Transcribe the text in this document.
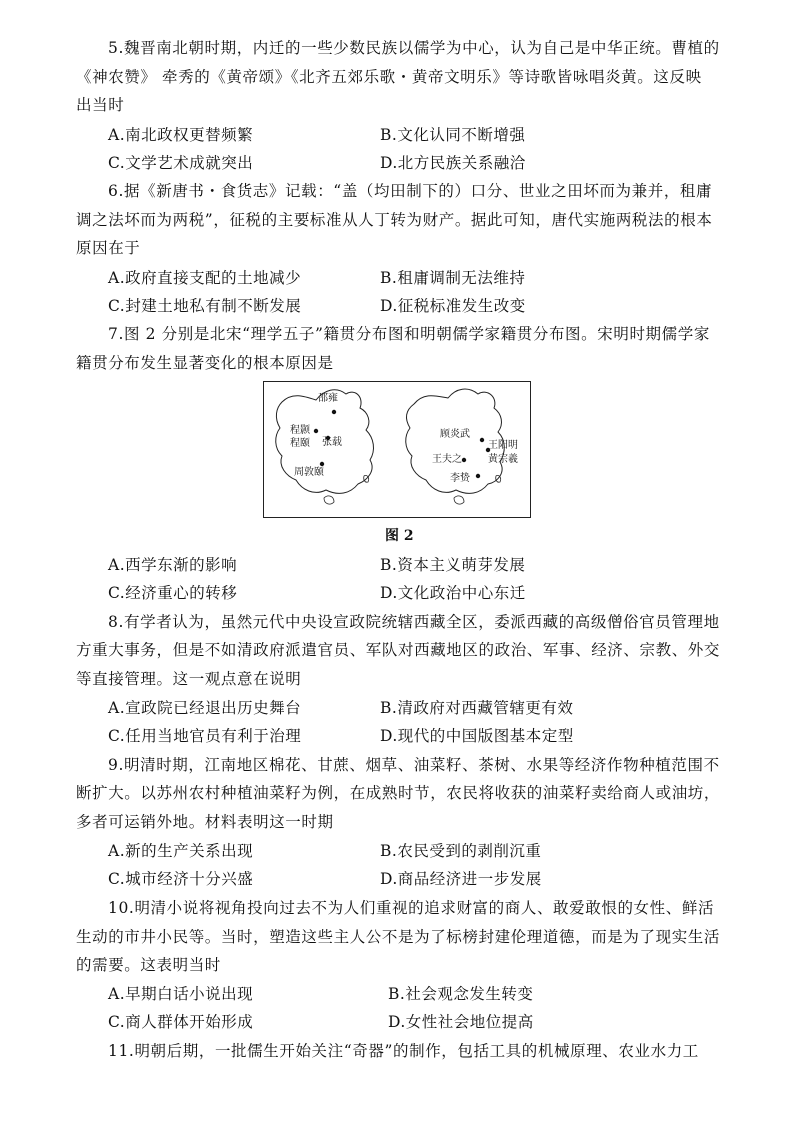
5.魏晋南北朝时期，内迁的一些少数民族以儒学为中心，认为自己是中华正统。曹植的
《神农赞》 牵秀的《黄帝颂》《北齐五郊乐歌・黄帝文明乐》等诗歌皆咏唱炎黄。这反映
出当时
A.南北政权更替频繁	B.文化认同不断增强
C.文学艺术成就突出	D.北方民族关系融洽
6.据《新唐书・食货志》记载：“盖（均田制下的）口分、世业之田坏而为兼并，租庸
调之法坏而为两税”，征税的主要标准从人丁转为财产。据此可知，唐代实施两税法的根本
原因在于
A.政府直接支配的土地减少	B.租庸调制无法维持
C.封建土地私有制不断发展	D.征税标准发生改变
7.图 2 分别是北宋“理学五子”籍贯分布图和明朝儒学家籍贯分布图。宋明时期儒学家
籍贯分布发生显著变化的根本原因是
邵雍
程颢
程颐 张载
周敦颐
顾炎武
王阳明
黄宗羲
王夫之
李贽
图 2
A.西学东渐的影响	B.资本主义萌芽发展
C.经济重心的转移	D.文化政治中心东迁
8.有学者认为，虽然元代中央设宣政院统辖西藏全区，委派西藏的高级僧俗官员管理地
方重大事务，但是不如清政府派遣官员、军队对西藏地区的政治、军事、经济、宗教、外交
等直接管理。这一观点意在说明
A.宣政院已经退出历史舞台	B.清政府对西藏管辖更有效
C.任用当地官员有利于治理	D.现代的中国版图基本定型
9.明清时期，江南地区棉花、甘蔗、烟草、油菜籽、茶树、水果等经济作物种植范围不
断扩大。以苏州农村种植油菜籽为例，在成熟时节，农民将收获的油菜籽卖给商人或油坊，
多者可运销外地。材料表明这一时期
A.新的生产关系出现	B.农民受到的剥削沉重
C.城市经济十分兴盛	D.商品经济进一步发展
10.明清小说将视角投向过去不为人们重视的追求财富的商人、敢爱敢恨的女性、鲜活
生动的市井小民等。当时，塑造这些主人公不是为了标榜封建伦理道德，而是为了现实生活
的需要。这表明当时
A.早期白话小说出现	B.社会观念发生转变
C.商人群体开始形成	D.女性社会地位提高
11.明朝后期，一批儒生开始关注“奇器”的制作，包括工具的机械原理、农业水力工
